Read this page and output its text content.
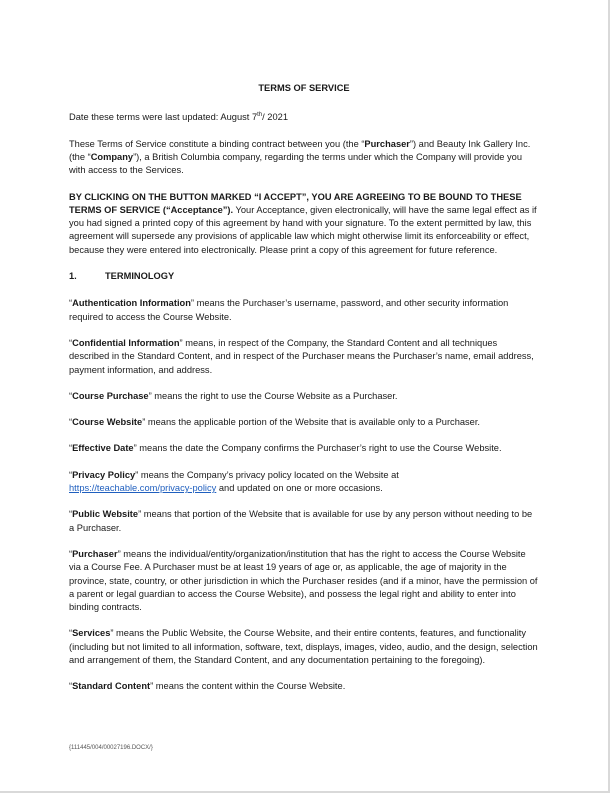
TERMS OF SERVICE

Date these terms were last updated: August 7th/ 2021

These Terms of Service constitute a binding contract between you (the “Purchaser”) and Beauty Ink Gallery Inc. (the “Company”), a British Columbia company, regarding the terms under which the Company will provide you with access to the Services.

BY CLICKING ON THE BUTTON MARKED “I ACCEPT”, YOU ARE AGREEING TO BE BOUND TO THESE TERMS OF SERVICE (“Acceptance”). Your Acceptance, given electronically, will have the same legal effect as if you had signed a printed copy of this agreement by hand with your signature. To the extent permitted by law, this agreement will supersede any provisions of applicable law which might otherwise limit its enforceability or effect, because they were entered into electronically. Please print a copy of this agreement for future reference.

1.	TERMINOLOGY

“Authentication Information” means the Purchaser’s username, password, and other security information required to access the Course Website.

“Confidential Information” means, in respect of the Company, the Standard Content and all techniques described in the Standard Content, and in respect of the Purchaser means the Purchaser’s name, email address, payment information, and address.

“Course Purchase” means the right to use the Course Website as a Purchaser.

“Course Website” means the applicable portion of the Website that is available only to a Purchaser.

“Effective Date” means the date the Company confirms the Purchaser’s right to use the Course Website.

“Privacy Policy” means the Company’s privacy policy located on the Website at
https://teachable.com/privacy-policy and updated on one or more occasions.

“Public Website” means that portion of the Website that is available for use by any person without needing to be a Purchaser.

“Purchaser” means the individual/entity/organization/institution that has the right to access the Course Website via a Course Fee. A Purchaser must be at least 19 years of age or, as applicable, the age of majority in the province, state, country, or other jurisdiction in which the Purchaser resides (and if a minor, have the permission of a parent or legal guardian to access the Course Website), and possess the legal right and ability to enter into binding contracts.

“Services” means the Public Website, the Course Website, and their entire contents, features, and functionality (including but not limited to all information, software, text, displays, images, video, audio, and the design, selection and arrangement of them, the Standard Content, and any documentation pertaining to the foregoing).

“Standard Content” means the content within the Course Website.

{111445/004/00027196.DOCX/}
